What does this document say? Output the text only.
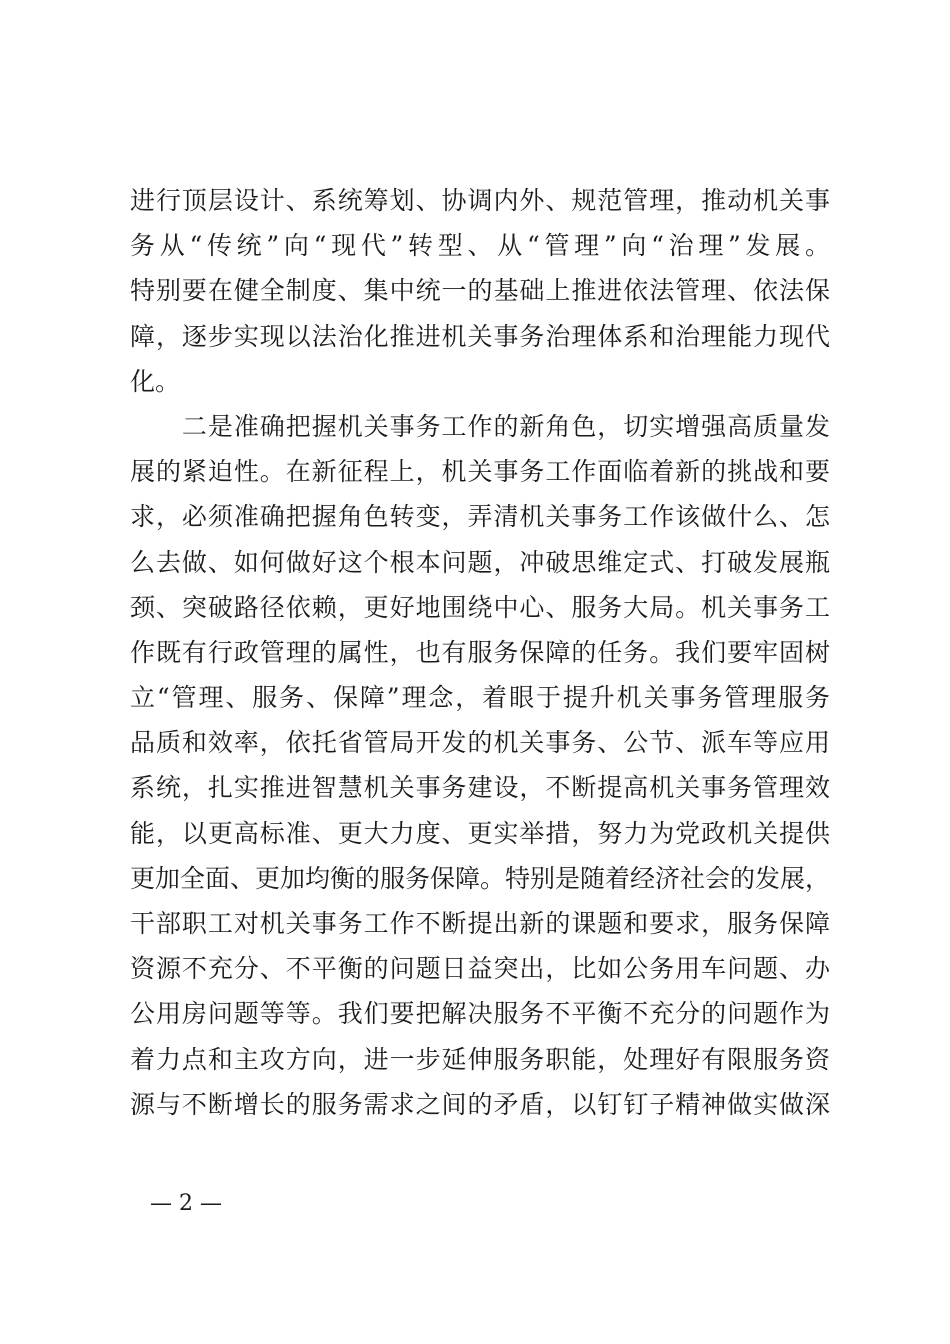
进行顶层设计、系统筹划、协调内外、规范管理，推动机关事
务从“传统”向“现代”转型、从“管理”向“治理”发展。
特别要在健全制度、集中统一的基础上推进依法管理、依法保
障，逐步实现以法治化推进机关事务治理体系和治理能力现代
化。
　　二是准确把握机关事务工作的新角色，切实增强高质量发
展的紧迫性。在新征程上，机关事务工作面临着新的挑战和要
求，必须准确把握角色转变，弄清机关事务工作该做什么、怎
么去做、如何做好这个根本问题，冲破思维定式、打破发展瓶
颈、突破路径依赖，更好地围绕中心、服务大局。机关事务工
作既有行政管理的属性，也有服务保障的任务。我们要牢固树
立“管理、服务、保障”理念，着眼于提升机关事务管理服务
品质和效率，依托省管局开发的机关事务、公节、派车等应用
系统，扎实推进智慧机关事务建设，不断提高机关事务管理效
能，以更高标准、更大力度、更实举措，努力为党政机关提供
更加全面、更加均衡的服务保障。特别是随着经济社会的发展，
干部职工对机关事务工作不断提出新的课题和要求，服务保障
资源不充分、不平衡的问题日益突出，比如公务用车问题、办
公用房问题等等。我们要把解决服务不平衡不充分的问题作为
着力点和主攻方向，进一步延伸服务职能，处理好有限服务资
源与不断增长的服务需求之间的矛盾，以钉钉子精神做实做深
— 2 —
